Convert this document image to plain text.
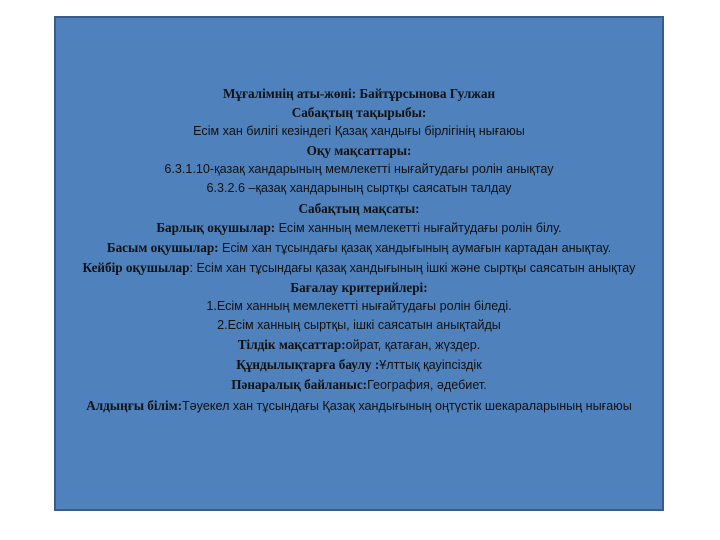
Мұғалімнің аты-жөні: Байтұрсынова Гулжан
Сабақтың тақырыбы:
Есім хан билігі кезіндегі Қазақ хандығы бірлігінің нығаюы
Оқу мақсаттары:
6.3.1.10-қазақ хандарының мемлекетті нығайтудағы ролін анықтау
6.3.2.6 –қазақ хандарының сыртқы саясатын талдау
Сабақтың мақсаты:
Барлық оқушылар: Есім ханның мемлекетті нығайтудағы ролін білу.
Басым оқушылар: Есім хан тұсындағы қазақ хандығының аумағын картадан анықтау.
Кейбір оқушылар: Есім хан тұсындағы қазақ хандығының ішкі және сыртқы саясатын анықтау
Бағалау критерийлері:
1.Есім ханның мемлекетті нығайтудағы ролін біледі.
2.Есім ханның сыртқы, ішкі саясатын анықтайды
Тілдік мақсаттар:ойрат, қатаған, жүздер.
Құндылықтарға баулу :Ұлттық қауіпсіздік
Пәнаралық байланыс:География, әдебиет.
Алдыңғы білім:Тәуекел хан тұсындағы Қазақ хандығының оңтүстік шекараларының нығаюы
